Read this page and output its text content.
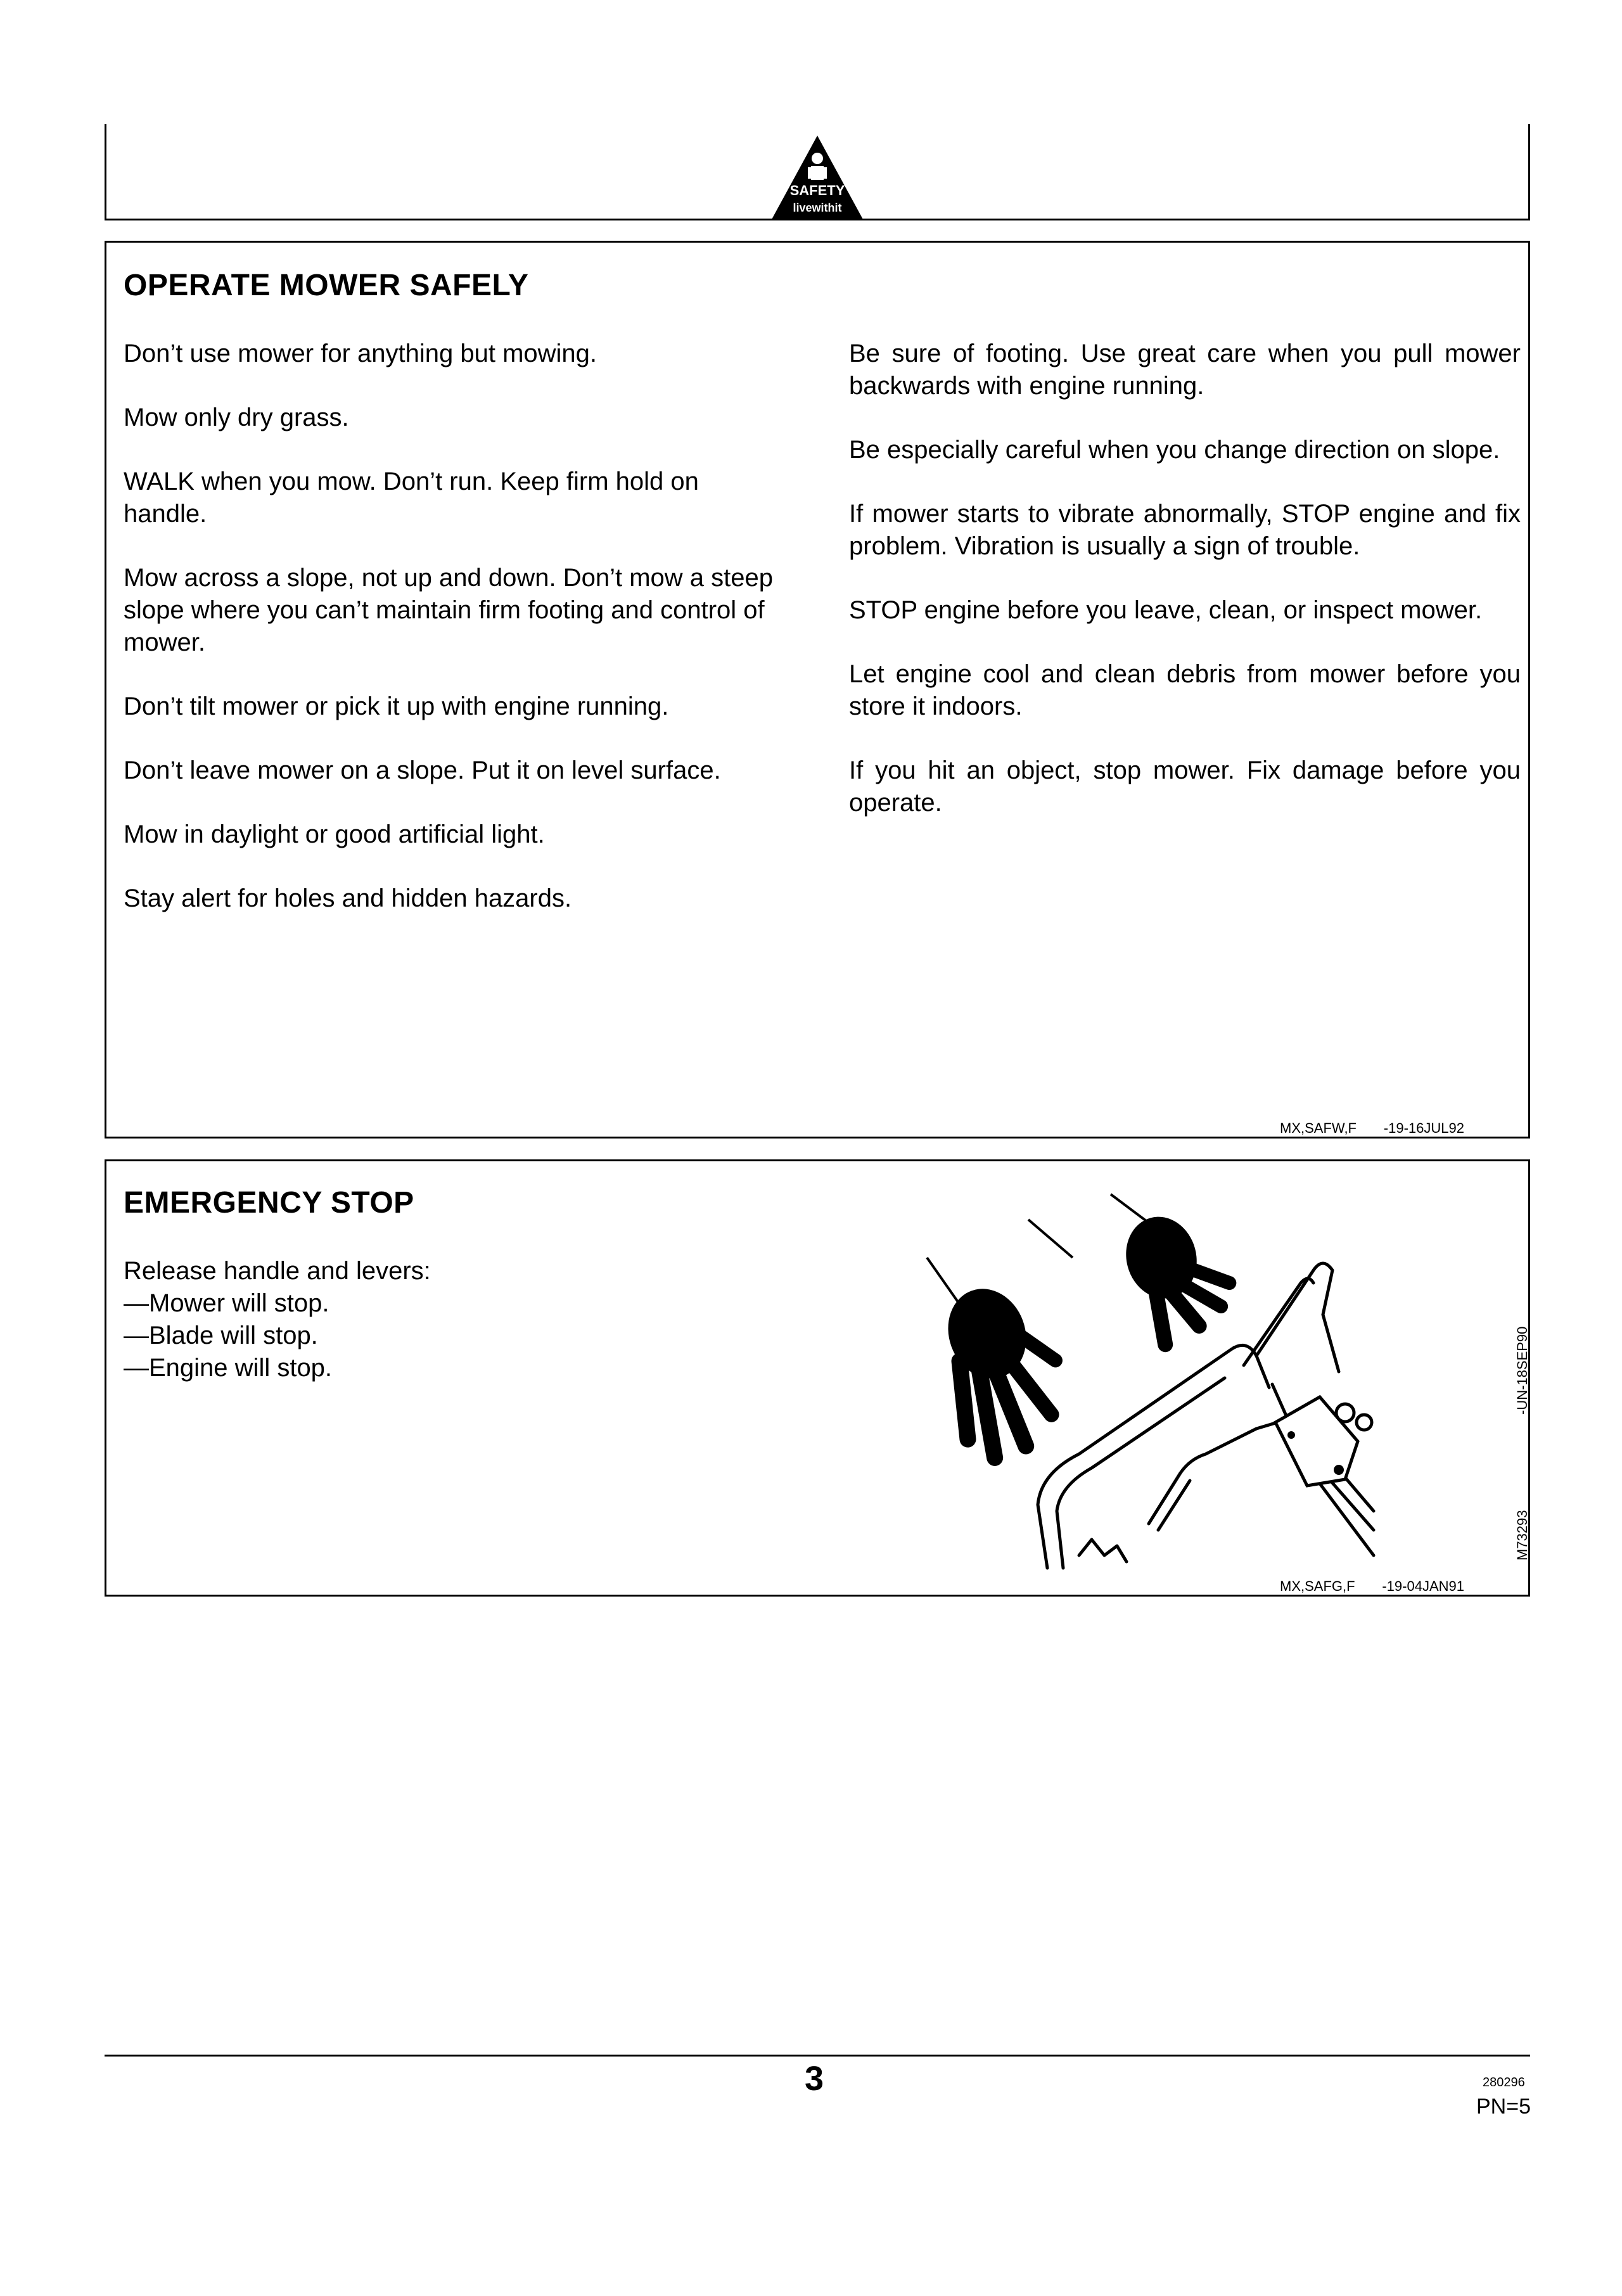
SAFETY
livewithit
OPERATE MOWER SAFELY

Don’t use mower for anything but mowing.

Mow only dry grass.

WALK when you mow. Don’t run. Keep firm hold on handle.

Mow across a slope, not up and down. Don’t mow a steep slope where you can’t maintain firm footing and control of mower.

Don’t tilt mower or pick it up with engine running.

Don’t leave mower on a slope. Put it on level surface.

Mow in daylight or good artificial light.

Stay alert for holes and hidden hazards.

Be sure of footing. Use great care when you pull mower backwards with engine running.

Be especially careful when you change direction on slope.

If mower starts to vibrate abnormally, STOP engine and fix problem. Vibration is usually a sign of trouble.

STOP engine before you leave, clean, or inspect mower.

Let engine cool and clean debris from mower before you store it indoors.

If you hit an object, stop mower. Fix damage before you operate.

MX,SAFW,F       -19-16JUL92
EMERGENCY STOP
Release handle and levers:
—Mower will stop.
—Blade will stop.
—Engine will stop.	-UN-18SEP90
M73293
MX,SAFG,F       -19-04JAN91
3	280296
PN=5
